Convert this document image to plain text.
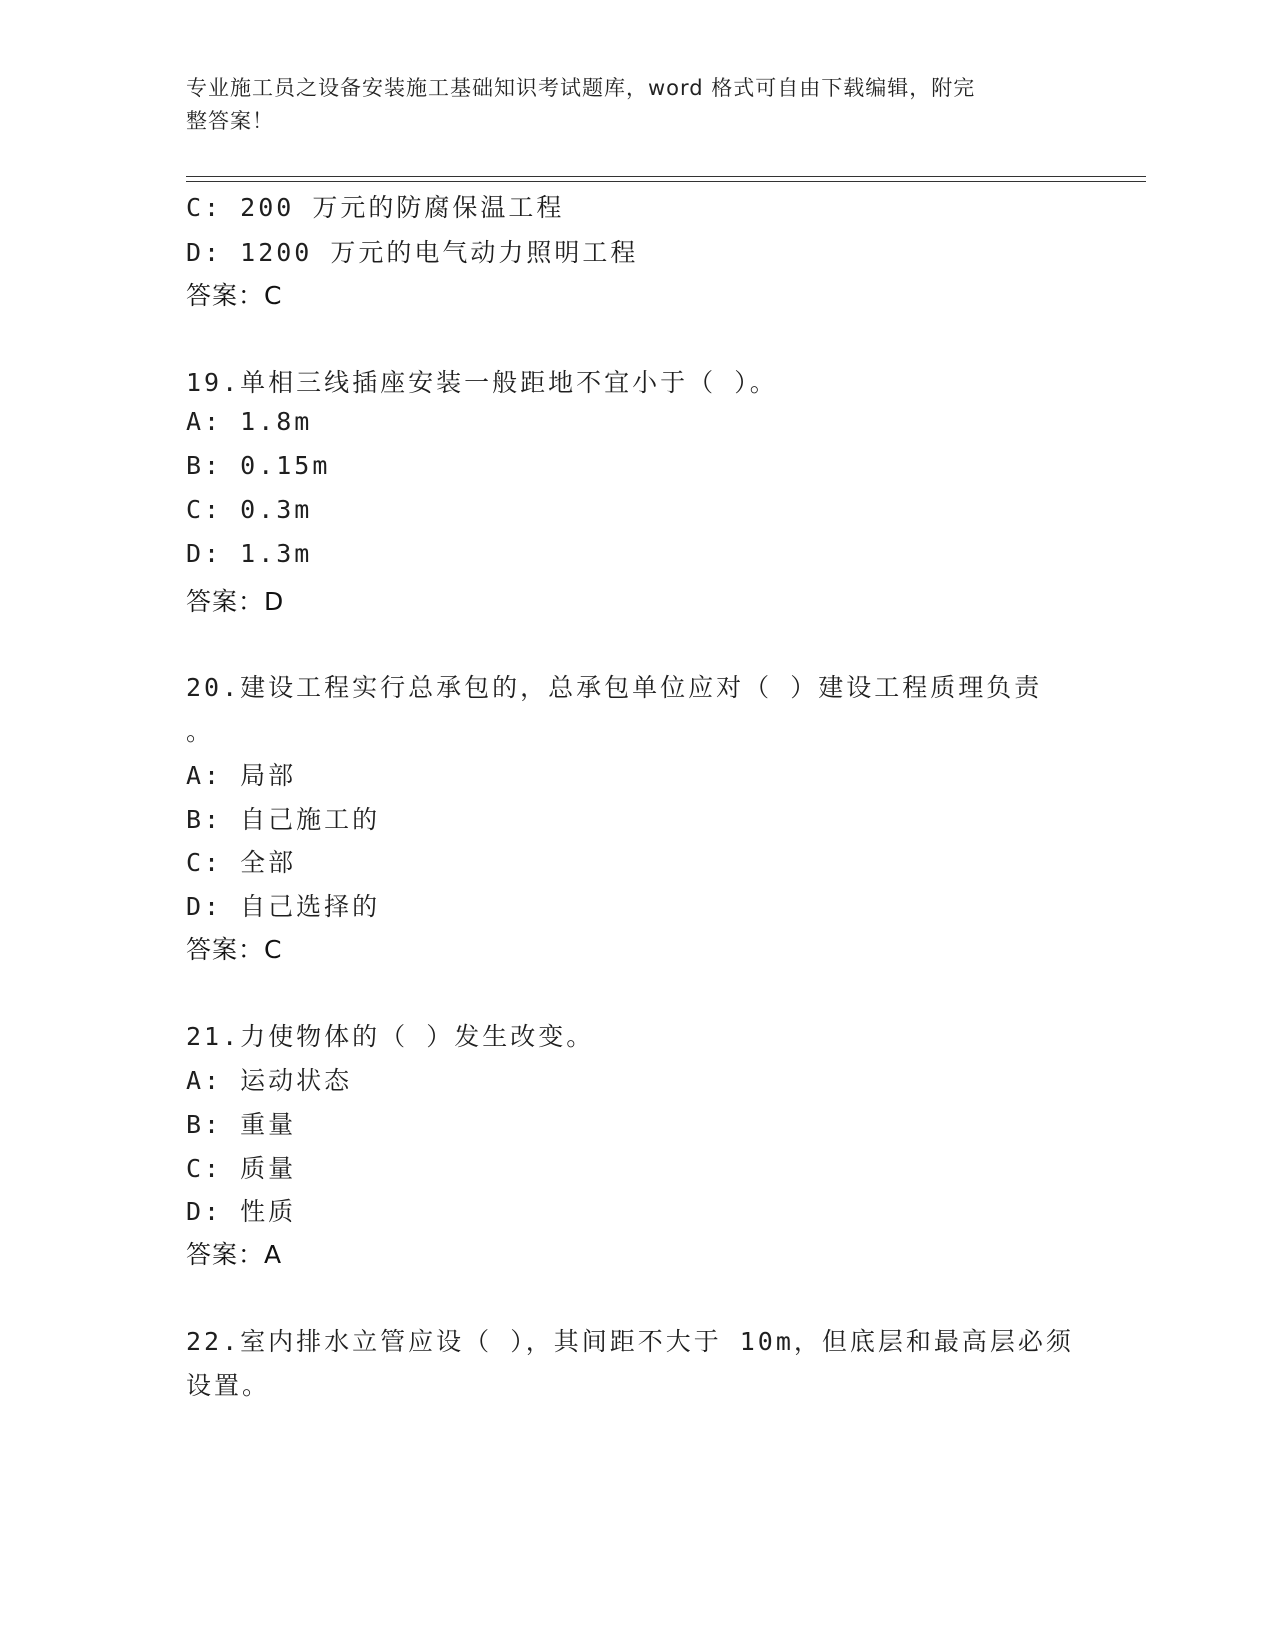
专业施工员之设备安装施工基础知识考试题库，word 格式可自由下载编辑，附完
整答案！
C: 200 万元的防腐保温工程
D: 1200 万元的电气动力照明工程
答案：C
19.单相三线插座安装一般距地不宜小于（ ）。
A: 1.8m
B: 0.15m
C: 0.3m
D: 1.3m
答案：D
20.建设工程实行总承包的，总承包单位应对（ ）建设工程质理负责
。
A: 局部
B: 自己施工的
C: 全部
D: 自己选择的
答案：C
21.力使物体的（ ）发生改变。
A: 运动状态
B: 重量
C: 质量
D: 性质
答案：A
22.室内排水立管应设（ ），其间距不大于 10m，但底层和最高层必须
设置。
